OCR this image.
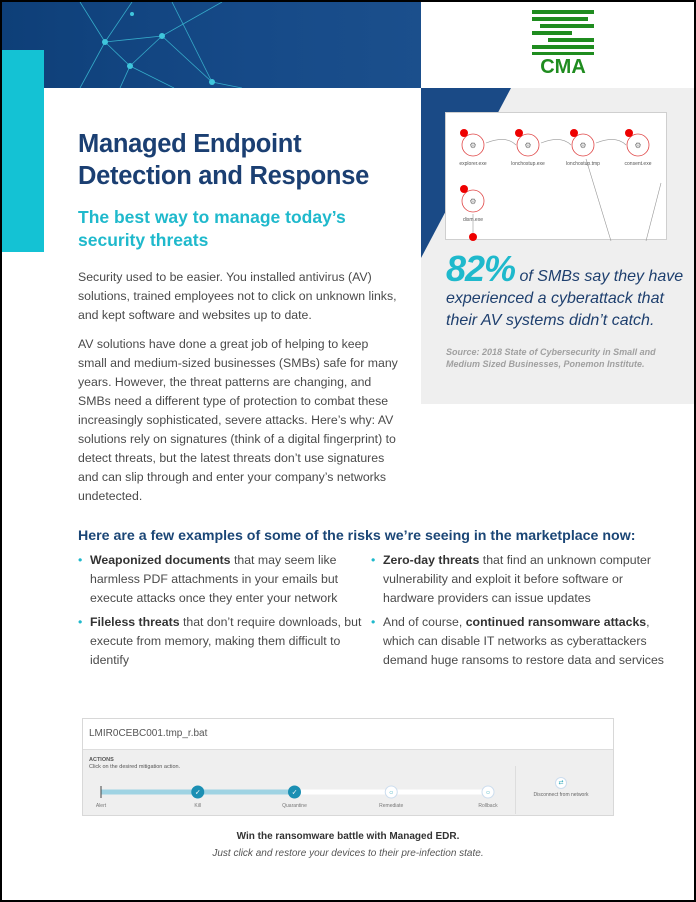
CMA
⚙
explorer.exe
⚙
lonchostup.exe
⚙
lonchostup.tmp
⚙
consent.exe
⚙
dism.exe
Managed Endpoint Detection and Response
The best way to manage today’s security threats
Security used to be easier. You installed antivirus (AV) solutions, trained employees not to click on unknown links, and kept software and websites up to date.
AV solutions have done a great job of helping to keep small and medium-sized businesses (SMBs) safe for many years. However, the threat patterns are changing, and SMBs need a different type of protection to combat these increasingly sophisticated, severe attacks. Here’s why: AV solutions rely on signatures (think of a digital fingerprint) to detect threats, but the latest threats don’t use signatures and can slip through and enter your company’s networks undetected.
82% of SMBs say they have experienced a cyberattack that their AV systems didn’t catch.
Source: 2018 State of Cybersecurity in Small and Medium Sized Businesses, Ponemon Institute.
Here are a few examples of some of the risks we’re seeing in the marketplace now:
• Weaponized documents that may seem like harmless PDF attachments in your emails but execute attacks once they enter your network
• Fileless threats that don’t require downloads, but execute from memory, making them difficult to identify
• Zero-day threats that find an unknown computer vulnerability and exploit it before software or hardware providers can issue updates
• And of course, continued ransomware attacks, which can disable IT networks as cyberattackers demand huge ransoms to restore data and services
LMIR0CEBC001.tmp_r.bat
ACTIONS
Click on the desired mitigation action.
Alert
✓
Kill
✓
Quarantine
○
Remediate
○
Rollback
⇄
Disconnect from network
Win the ransomware battle with Managed EDR.
Just click and restore your devices to their pre-infection state.
